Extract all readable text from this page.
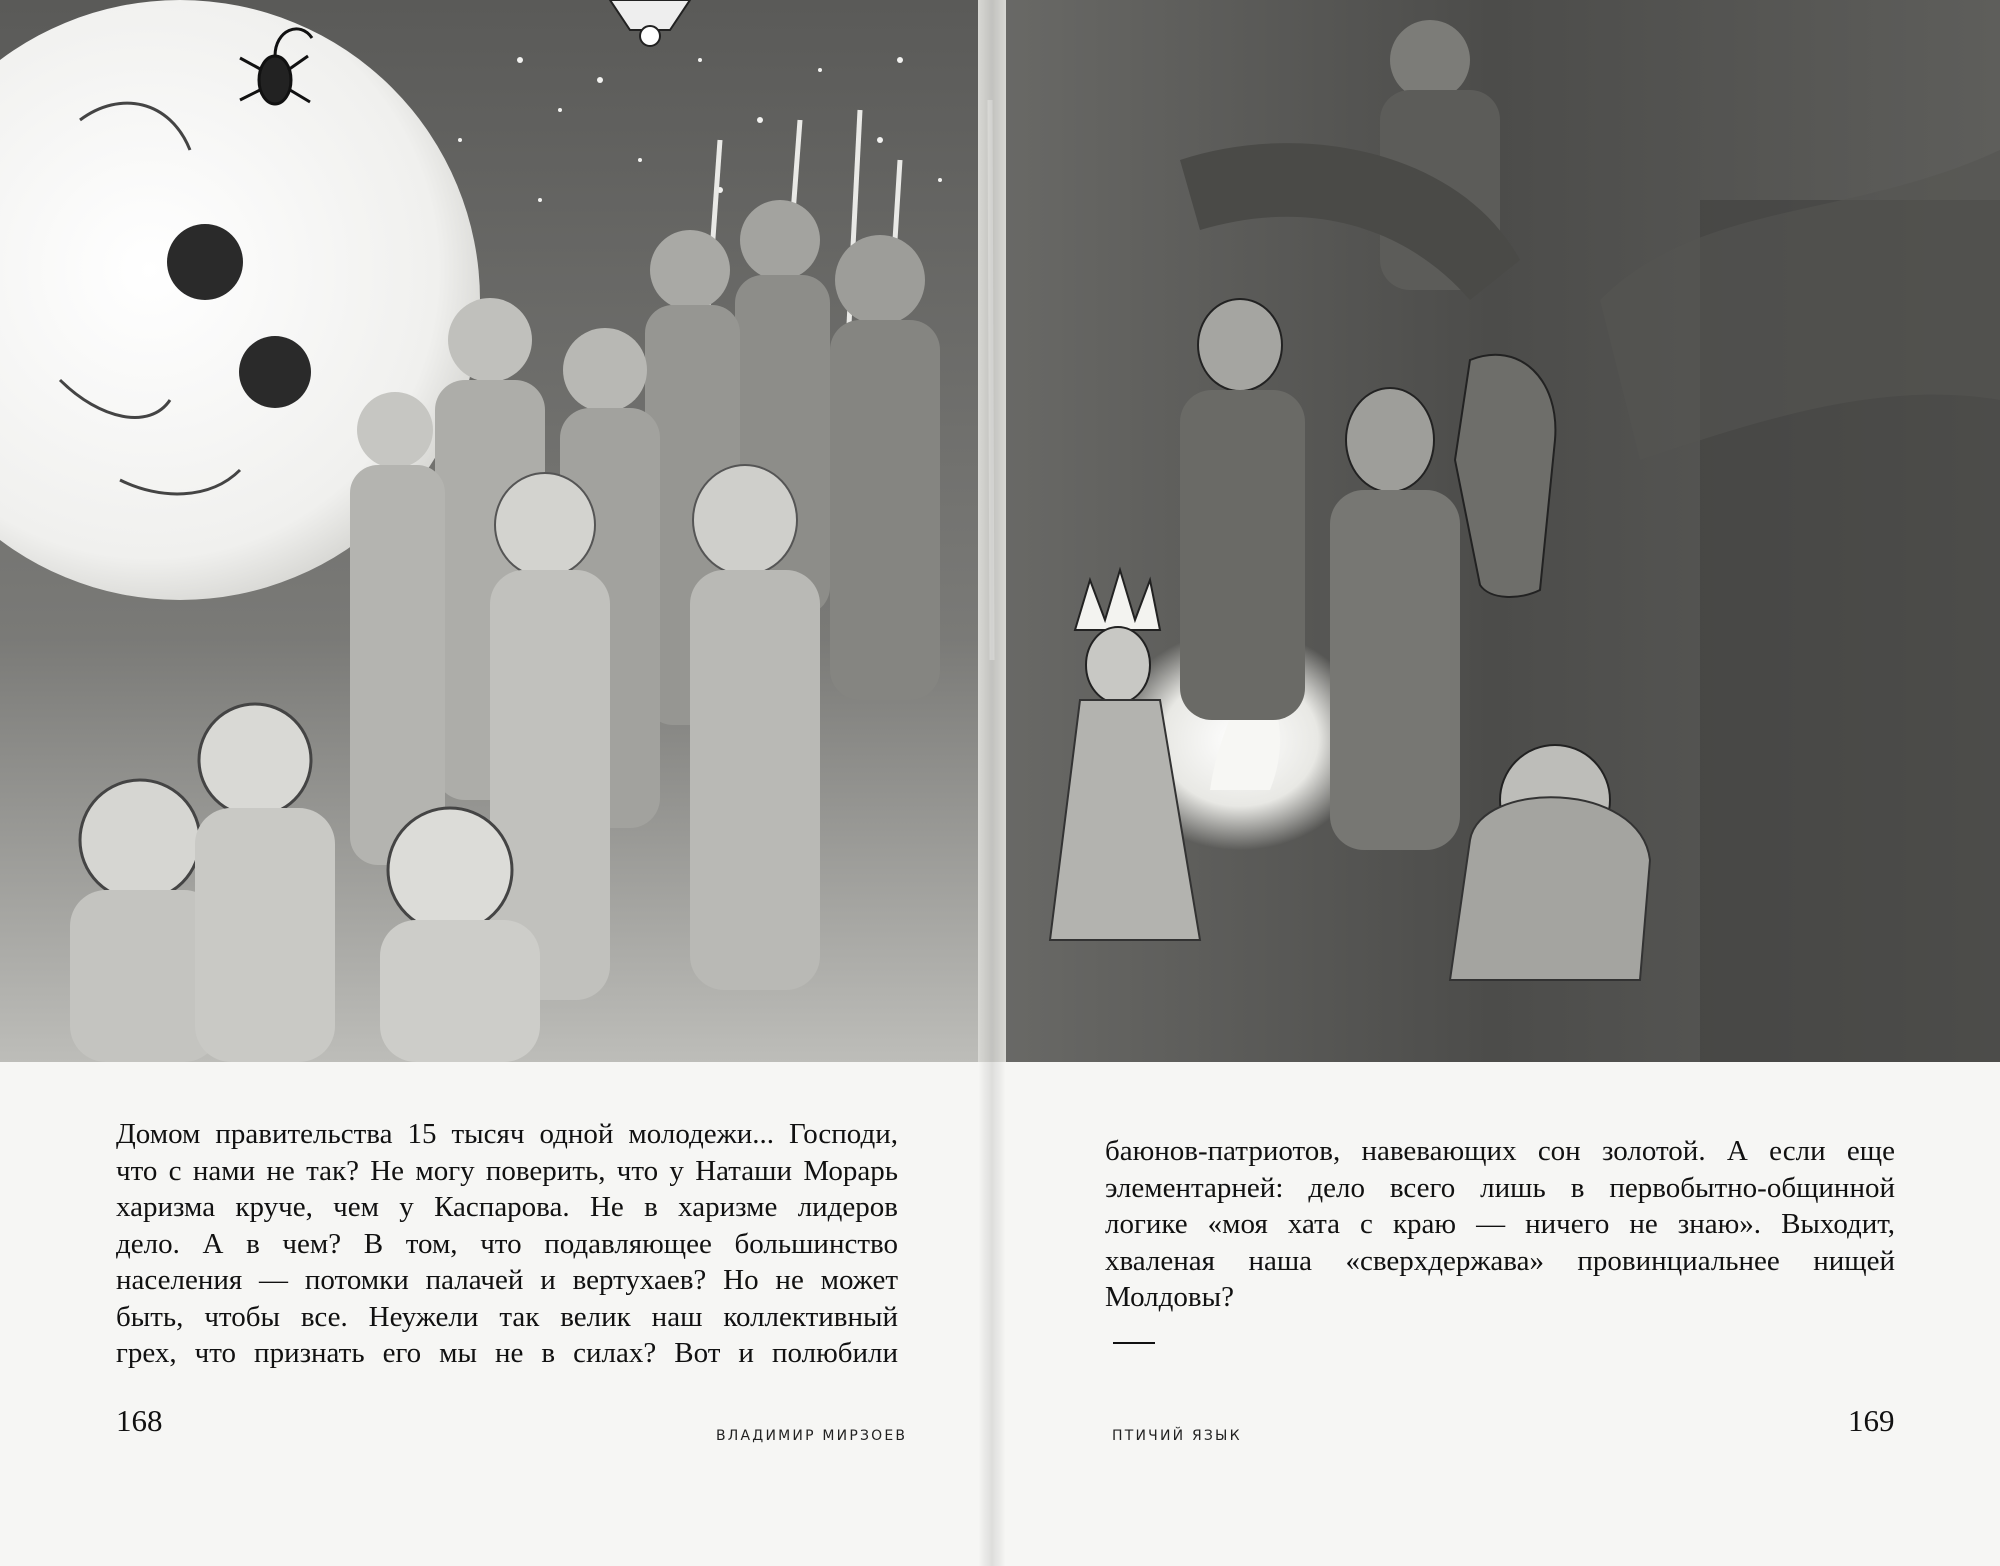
Домом правительства 15 тысяч одной молодежи... Господи,
что с нами не так? Не могу поверить, что у Наташи Морарь
харизма круче, чем у Каспарова. Не в харизме лидеров
дело. А в чем? В том, что подавляющее большинство
населения — потомки палачей и вертухаев? Но не может
быть, чтобы все. Неужели так велик наш коллективный
грех, что признать его мы не в силах? Вот и полюбили
168	ВЛАДИМИР МИРЗОЕВ
баюнов-патриотов, навевающих сон золотой. А если еще
элементарней: дело всего лишь в первобытно-общинной
логике «моя хата с краю — ничего не знаю». Выходит,
хваленая наша «сверхдержава» провинциальнее нищей
Молдовы?
ПТИЧИЙ ЯЗЫК	169
